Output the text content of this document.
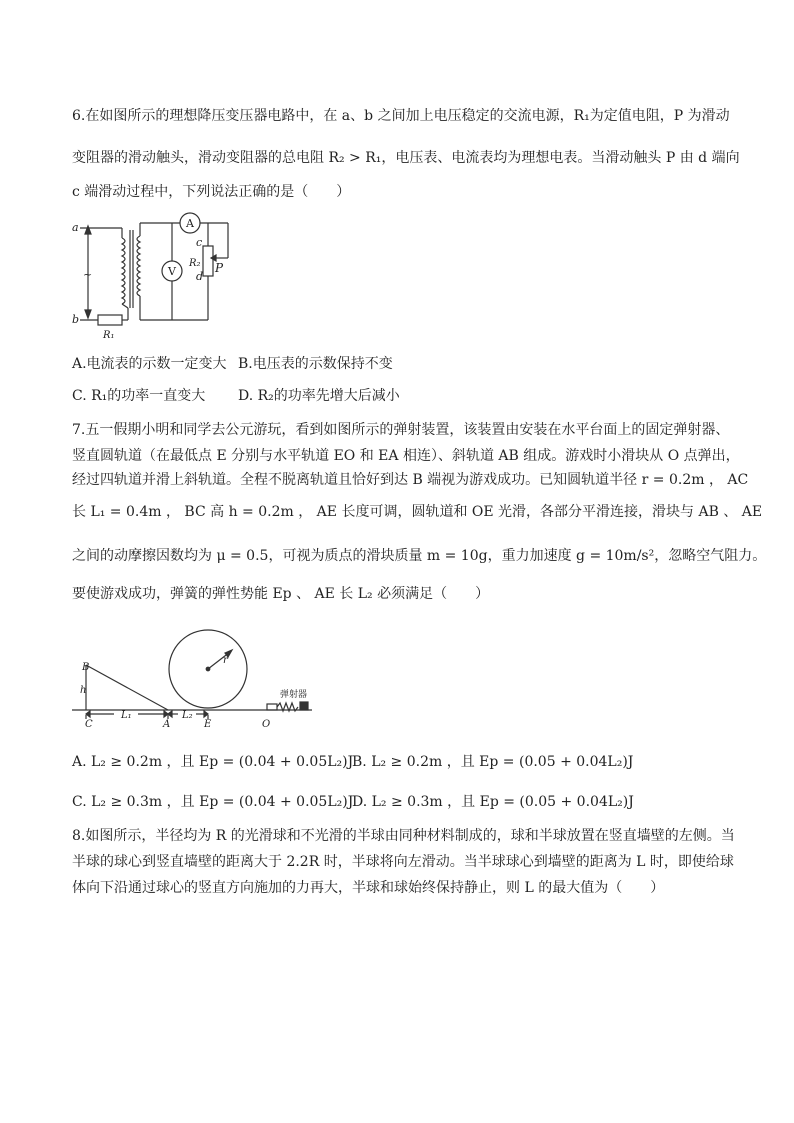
6.在如图所示的理想降压变压器电路中，在 a、b 之间加上电压稳定的交流电源，R₁为定值电阻，P 为滑动
变阻器的滑动触头，滑动变阻器的总电阻 R₂ > R₁，电压表、电流表均为理想电表。当滑动触头 P 由 d 端向
c 端滑动过程中，下列说法正确的是（　　）
a
b
c
d
P
R₂
R₁
A
V
~
A.电流表的示数一定变大 B.电压表的示数保持不变
C. R₁的功率一直变大 D. R₂的功率先增大后减小
7.五一假期小明和同学去公元游玩，看到如图所示的弹射装置，该装置由安装在水平台面上的固定弹射器、
竖直圆轨道（在最低点 E 分别与水平轨道 EO 和 EA 相连）、斜轨道 AB 组成。游戏时小滑块从 O 点弹出，
经过四轨道并滑上斜轨道。全程不脱离轨道且恰好到达 B 端视为游戏成功。已知圆轨道半径 r = 0.2m ， AC
长 L₁ = 0.4m ， BC 高 h = 0.2m ， AE 长度可调，圆轨道和 OE 光滑，各部分平滑连接，滑块与 AB 、 AE
之间的动摩擦因数均为 μ = 0.5，可视为质点的滑块质量 m = 10g，重力加速度 g = 10m/s²，忽略空气阻力。
要使游戏成功，弹簧的弹性势能 Ep 、 AE 长 L₂ 必须满足（　　）
B
h
C	A	E	O
L₁	L₂
r
弹射器
A. L₂ ≥ 0.2m ，且 Ep = (0.04 + 0.05L₂)J
B. L₂ ≥ 0.2m ，且 Ep = (0.05 + 0.04L₂)J
C. L₂ ≥ 0.3m ，且 Ep = (0.04 + 0.05L₂)J
D. L₂ ≥ 0.3m ，且 Ep = (0.05 + 0.04L₂)J
8.如图所示，半径均为 R 的光滑球和不光滑的半球由同种材料制成的，球和半球放置在竖直墙壁的左侧。当
半球的球心到竖直墙壁的距离大于 2.2R 时，半球将向左滑动。当半球球心到墙壁的距离为 L 时，即使给球
体向下沿通过球心的竖直方向施加的力再大，半球和球始终保持静止，则 L 的最大值为（　　）
